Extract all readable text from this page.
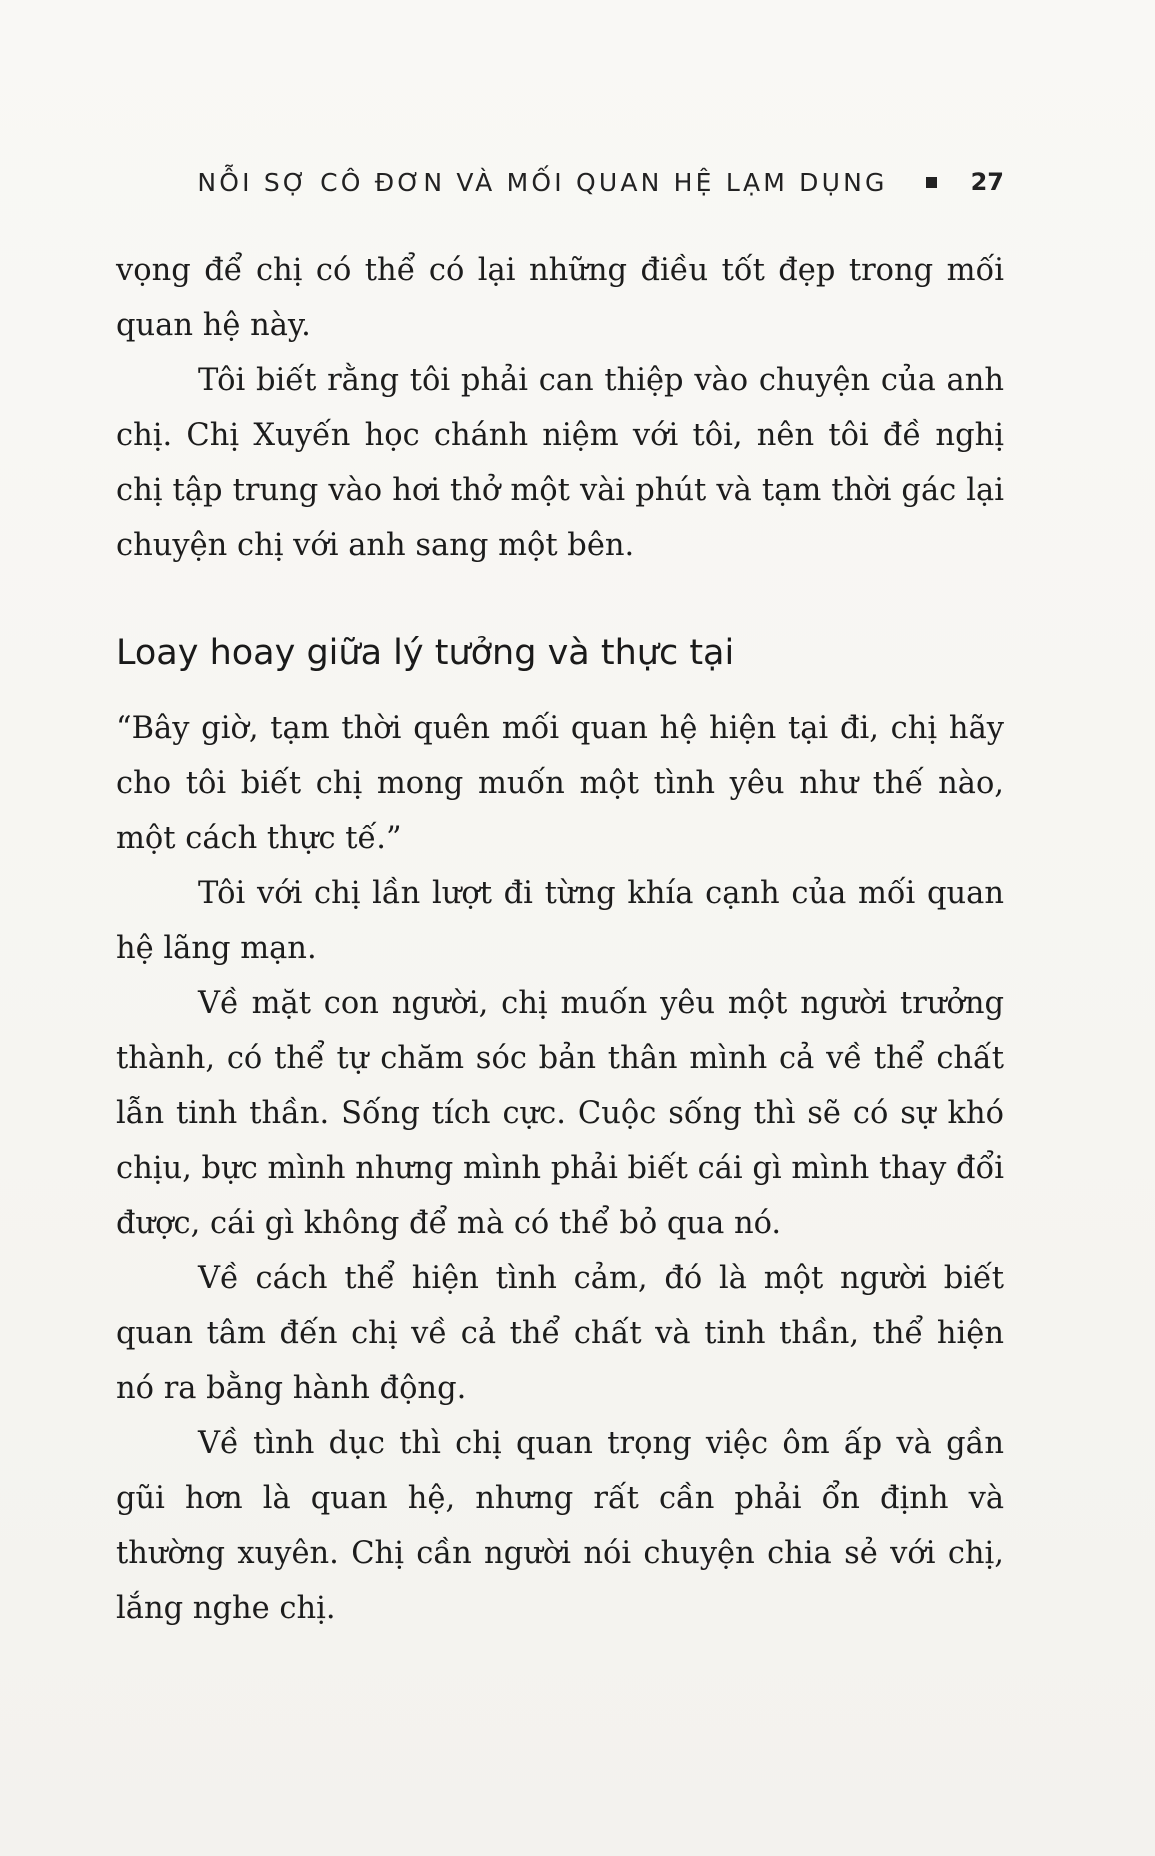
NỖI SỢ CÔ ĐƠN VÀ MỐI QUAN HỆ LẠM DỤNG	27

vọng để chị có thể có lại những điều tốt đẹp trong mối quan hệ này.

Tôi biết rằng tôi phải can thiệp vào chuyện của anh chị. Chị Xuyến học chánh niệm với tôi, nên tôi đề nghị chị tập trung vào hơi thở một vài phút và tạm thời gác lại chuyện chị với anh sang một bên.

Loay hoay giữa lý tưởng và thực tại

“Bây giờ, tạm thời quên mối quan hệ hiện tại đi, chị hãy cho tôi biết chị mong muốn một tình yêu như thế nào, một cách thực tế.”

Tôi với chị lần lượt đi từng khía cạnh của mối quan hệ lãng mạn.

Về mặt con người, chị muốn yêu một người trưởng thành, có thể tự chăm sóc bản thân mình cả về thể chất lẫn tinh thần. Sống tích cực. Cuộc sống thì sẽ có sự khó chịu, bực mình nhưng mình phải biết cái gì mình thay đổi được, cái gì không để mà có thể bỏ qua nó.

Về cách thể hiện tình cảm, đó là một người biết quan tâm đến chị về cả thể chất và tinh thần, thể hiện nó ra bằng hành động.

Về tình dục thì chị quan trọng việc ôm ấp và gần gũi hơn là quan hệ, nhưng rất cần phải ổn định và thường xuyên. Chị cần người nói chuyện chia sẻ với chị, lắng nghe chị.
